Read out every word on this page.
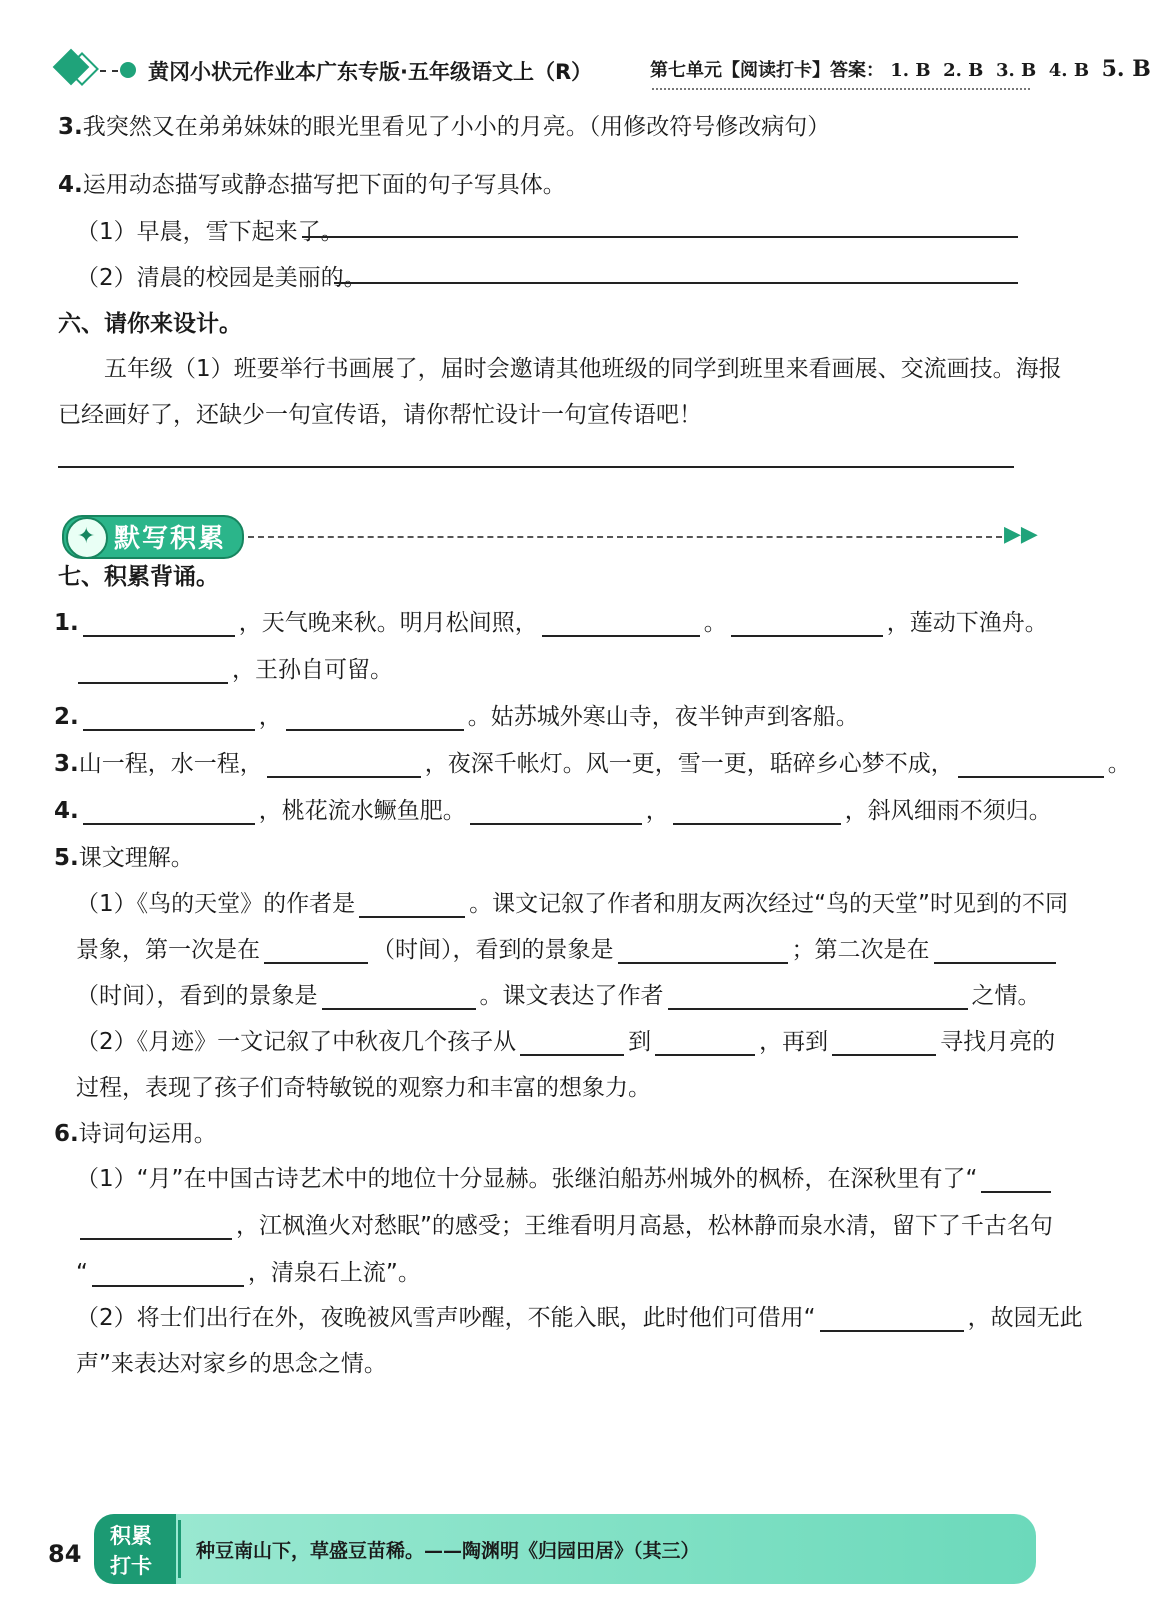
黄冈小状元作业本广东专版·五年级语文上（R）	第七单元【阅读打卡】答案： 1. B 2. B 3. B 4. B 5. B
3.我突然又在弟弟妹妹的眼光里看见了小小的月亮。（用修改符号修改病句）
4.运用动态描写或静态描写把下面的句子写具体。
（1）早晨，雪下起来了。
（2）清晨的校园是美丽的。
六、请你来设计。
五年级（1）班要举行书画展了，届时会邀请其他班级的同学到班里来看画展、交流画技。海报
已经画好了，还缺少一句宣传语，请你帮忙设计一句宣传语吧！
✦ 默写积累	▶▶
七、积累背诵。
1.	，天气晚来秋。明月松间照，	。	，莲动下渔舟。
，王孙自可留。
2.	，	。姑苏城外寒山寺，夜半钟声到客船。
3.山一程，水一程，	，夜深千帐灯。风一更，雪一更，聒碎乡心梦不成，	。
4.	，桃花流水鳜鱼肥。	，	，斜风细雨不须归。
5.课文理解。
（1）《鸟的天堂》的作者是	。课文记叙了作者和朋友两次经过“鸟的天堂”时见到的不同
景象，第一次是在	（时间），看到的景象是	；第二次是在
（时间），看到的景象是	。课文表达了作者	之情。
（2）《月迹》一文记叙了中秋夜几个孩子从	到	，再到	寻找月亮的
过程，表现了孩子们奇特敏锐的观察力和丰富的想象力。
6.诗词句运用。
（1）“月”在中国古诗艺术中的地位十分显赫。张继泊船苏州城外的枫桥，在深秋里有了“
，江枫渔火对愁眠”的感受；王维看明月高悬，松林静而泉水清，留下了千古名句
“	，清泉石上流”。
（2）将士们出行在外，夜晚被风雪声吵醒，不能入眠，此时他们可借用“	，故园无此
声”来表达对家乡的思念之情。
84
积累
打卡
种豆南山下，草盛豆苗稀。——陶渊明《归园田居》（其三）
